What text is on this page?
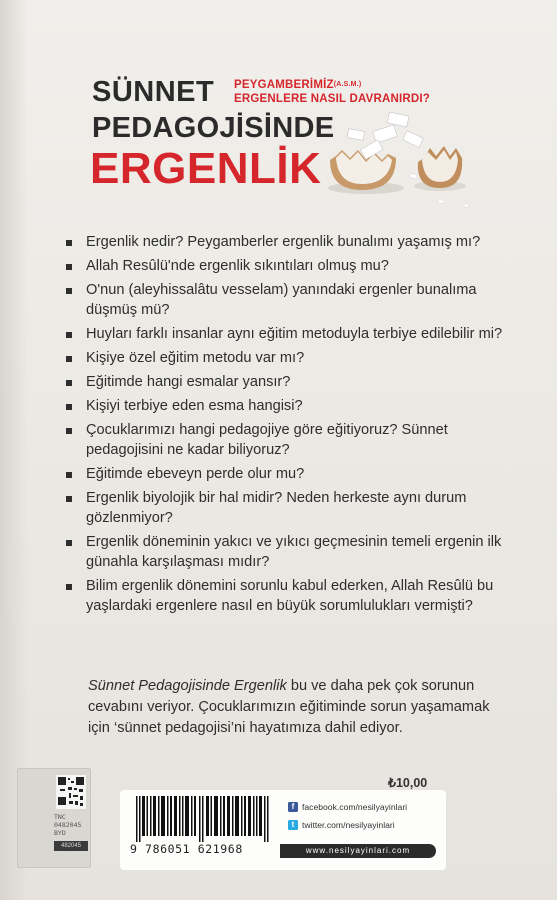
SÜNNET PEYGAMBERİMİZ(A.S.M.)
ERGENLERE NASIL DAVRANIRDI?
PEDAGOJİSİNDE
ERGENLİK
Ergenlik nedir? Peygamberler ergenlik bunalımı yaşamış mı?
Allah Resûlü'nde ergenlik sıkıntıları olmuş mu?
O'nun (aleyhissalâtu vesselam) yanındaki ergenler bunalıma düşmüş mü?
Huyları farklı insanlar aynı eğitim metoduyla terbiye edilebilir mi?
Kişiye özel eğitim metodu var mı?
Eğitimde hangi esmalar yansır?
Kişiyi terbiye eden esma hangisi?
Çocuklarımızı hangi pedagojiye göre eğitiyoruz? Sünnet pedagojisini ne kadar biliyoruz?
Eğitimde ebeveyn perde olur mu?
Ergenlik biyolojik bir hal midir? Neden herkeste aynı durum gözlenmiyor?
Ergenlik döneminin yakıcı ve yıkıcı geçmesinin temeli ergenin ilk günahla karşılaşması mıdır?
Bilim ergenlik dönemini sorunlu kabul ederken, Allah Resûlü bu yaşlardaki ergenlere nasıl en büyük sorumlulukları vermişti?

Sünnet Pedagojisinde Ergenlik bu ve daha pek çok sorunun cevabını veriyor. Çocuklarımızın eğitiminde sorun yaşamamak için ‘sünnet pedagojisi’ni hayatımıza dahil ediyor.

₺10,00
9 786051 621968
f facebook.com/nesilyayinlari
t twitter.com/nesilyayinlari
www.nesilyayinlari.com
TNC
0482045
BYD
482045 BYD
